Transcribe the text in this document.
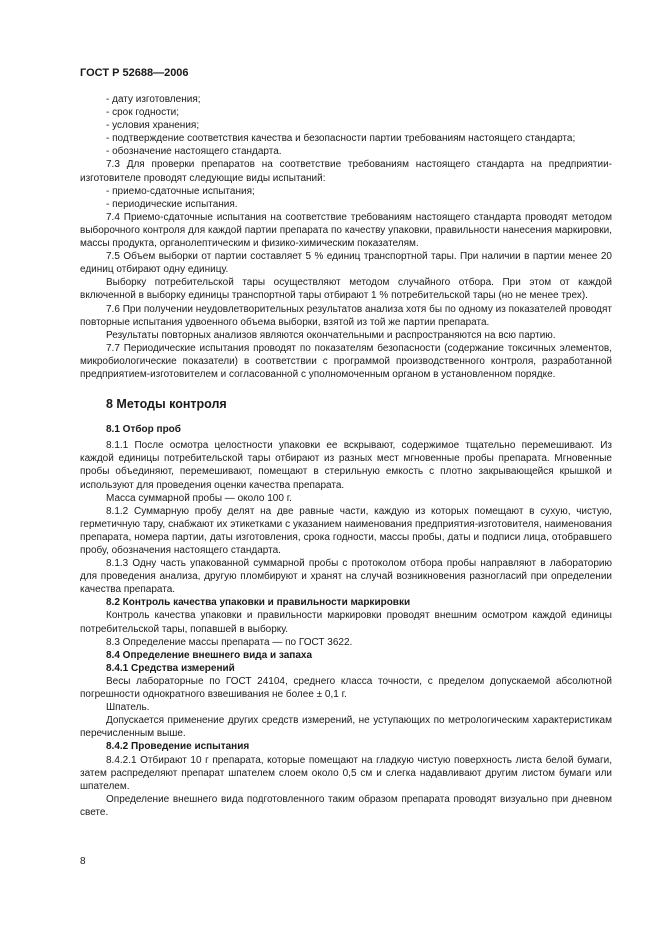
ГОСТ Р 52688—2006

- дату изготовления;

- срок годности;

- условия хранения;

- подтверждение соответствия качества и безопасности партии требованиям настоящего стандарта;

- обозначение настоящего стандарта.

7.3 Для проверки препаратов на соответствие требованиям настоящего стандарта на предприятии-изготовителе проводят следующие виды испытаний:

- приемо-сдаточные испытания;

- периодические испытания.

7.4 Приемо-сдаточные испытания на соответствие требованиям настоящего стандарта проводят методом выборочного контроля для каждой партии препарата по качеству упаковки, правильности нанесения маркировки, массы продукта, органолептическим и физико-химическим показателям.

7.5 Объем выборки от партии составляет 5 % единиц транспортной тары. При наличии в партии менее 20 единиц отбирают одну единицу.

Выборку потребительской тары осуществляют методом случайного отбора. При этом от каждой включенной в выборку единицы транспортной тары отбирают 1 % потребительской тары (но не менее трех).

7.6 При получении неудовлетворительных результатов анализа хотя бы по одному из показателей проводят повторные испытания удвоенного объема выборки, взятой из той же партии препарата.

Результаты повторных анализов являются окончательными и распространяются на всю партию.

7.7 Периодические испытания проводят по показателям безопасности (содержание токсичных элементов, микробиологические показатели) в соответствии с программой производственного контроля, разработанной предприятием-изготовителем и согласованной с уполномоченным органом в установленном порядке.

8 Методы контроля

8.1 Отбор проб

8.1.1 После осмотра целостности упаковки ее вскрывают, содержимое тщательно перемешивают. Из каждой единицы потребительской тары отбирают из разных мест мгновенные пробы препарата. Мгновенные пробы объединяют, перемешивают, помещают в стерильную емкость с плотно закрывающейся крышкой и используют для проведения оценки качества препарата.

Масса суммарной пробы — около 100 г.

8.1.2 Суммарную пробу делят на две равные части, каждую из которых помещают в сухую, чистую, герметичную тару, снабжают их этикетками с указанием наименования предприятия-изготовителя, наименования препарата, номера партии, даты изготовления, срока годности, массы пробы, даты и подписи лица, отобравшего пробу, обозначения настоящего стандарта.

8.1.3 Одну часть упакованной суммарной пробы с протоколом отбора пробы направляют в лабораторию для проведения анализа, другую пломбируют и хранят на случай возникновения разногласий при определении качества препарата.

8.2 Контроль качества упаковки и правильности маркировки

Контроль качества упаковки и правильности маркировки проводят внешним осмотром каждой единицы потребительской тары, попавшей в выборку.

8.3 Определение массы препарата — по ГОСТ 3622.

8.4 Определение внешнего вида и запаха

8.4.1 Средства измерений

Весы лабораторные по ГОСТ 24104, среднего класса точности, с пределом допускаемой абсолютной погрешности однократного взвешивания не более ± 0,1 г.

Шпатель.

Допускается применение других средств измерений, не уступающих по метрологическим характеристикам перечисленным выше.

8.4.2 Проведение испытания

8.4.2.1 Отбирают 10 г препарата, которые помещают на гладкую чистую поверхность листа белой бумаги, затем распределяют препарат шпателем слоем около 0,5 см и слегка надавливают другим листом бумаги или шпателем.

Определение внешнего вида подготовленного таким образом препарата проводят визуально при дневном свете.

8
